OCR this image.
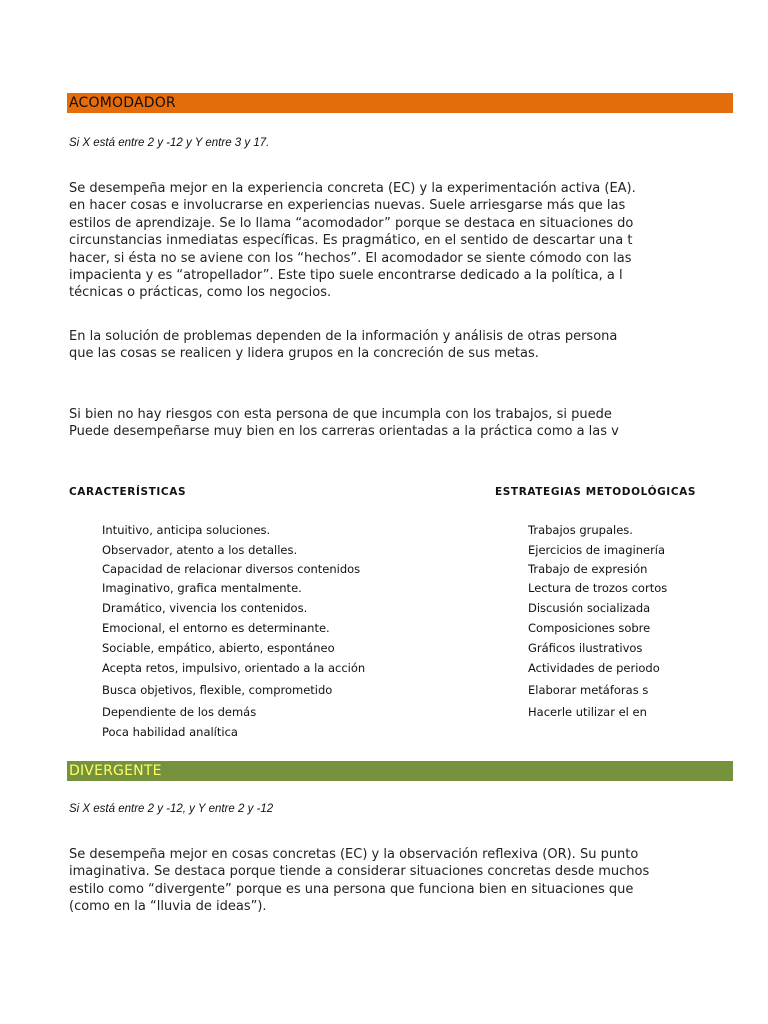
ACOMODADOR
Si X está entre 2 y -12 y Y entre 3 y 17.
Se desempeña mejor en la experiencia concreta (EC) y la experimentación activa (EA).
en hacer cosas e involucrarse en experiencias nuevas. Suele arriesgarse más que las
estilos de aprendizaje. Se lo llama “acomodador” porque se destaca en situaciones do
circunstancias inmediatas específicas. Es pragmático, en el sentido de descartar una t
hacer, si ésta no se aviene con los “hechos”. El acomodador se siente cómodo con las
impacienta y es “atropellador”. Este tipo suele encontrarse dedicado a la política, a l
técnicas o prácticas, como los negocios.
En la solución de problemas dependen de la información y análisis de otras persona
que las cosas se realicen y lidera grupos en la concreción de sus metas.
Si bien no hay riesgos con esta persona de que incumpla con los trabajos, si puede
Puede desempeñarse muy bien en los carreras orientadas a la práctica como a las v
CARACTERÍSTICAS	ESTRATEGIAS METODOLÓGICAS
Intuitivo, anticipa soluciones.
Observador, atento a los detalles.
Capacidad de relacionar diversos contenidos
Imaginativo, grafica mentalmente.
Dramático, vivencia los contenidos.
Emocional, el entorno es determinante.
Sociable, empático, abierto, espontáneo
Acepta retos, impulsivo, orientado a la acción
Busca objetivos, flexible, comprometido
Dependiente de los demás
Poca habilidad analítica
Trabajos grupales.
Ejercicios de imaginería
Trabajo de expresión
Lectura de trozos cortos
Discusión socializada
Composiciones sobre
Gráficos ilustrativos
Actividades de periodo
Elaborar metáforas s
Hacerle utilizar el en
DIVERGENTE
Si X está entre 2 y -12, y Y entre 2 y -12
Se desempeña mejor en cosas concretas (EC) y la observación reflexiva (OR). Su punto
imaginativa. Se destaca porque tiende a considerar situaciones concretas desde muchos
estilo como “divergente” porque es una persona que funciona bien en situaciones que
(como en la “lluvia de ideas”).
